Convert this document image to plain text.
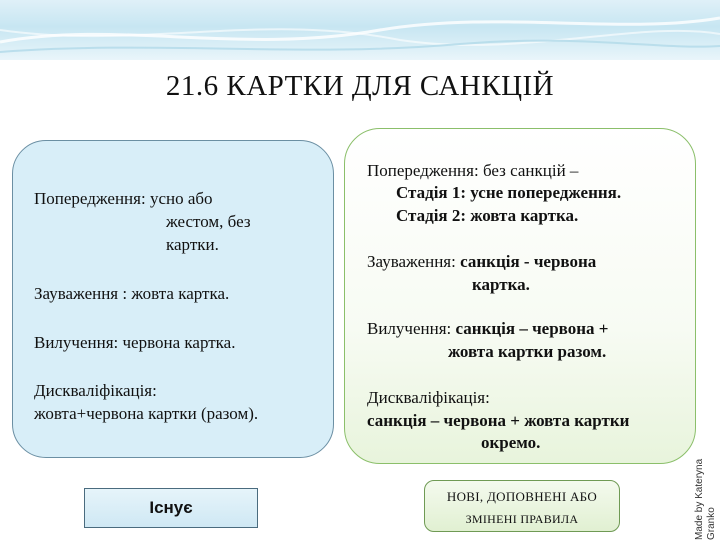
21.6 КАРТКИ ДЛЯ САНКЦІЙ
Попередження: усно або
жестом, без
картки.
Зауваження : жовта картка.
Вилучення: червона картка.
Дискваліфікація:
жовта+червона картки (разом).
Попередження: без санкцій –
Стадія 1: усне попередження.
Стадія 2: жовта картка.
Зауваження: санкція - червона
картка.
Вилучення: санкція – червона +
жовта картки разом.
Дискваліфікація:
санкція – червона + жовта картки
окремо.
Існує
НОВІ, ДОПОВНЕНІ АБО
ЗМІНЕНІ ПРАВИЛА	Made by Kateryna Granko
